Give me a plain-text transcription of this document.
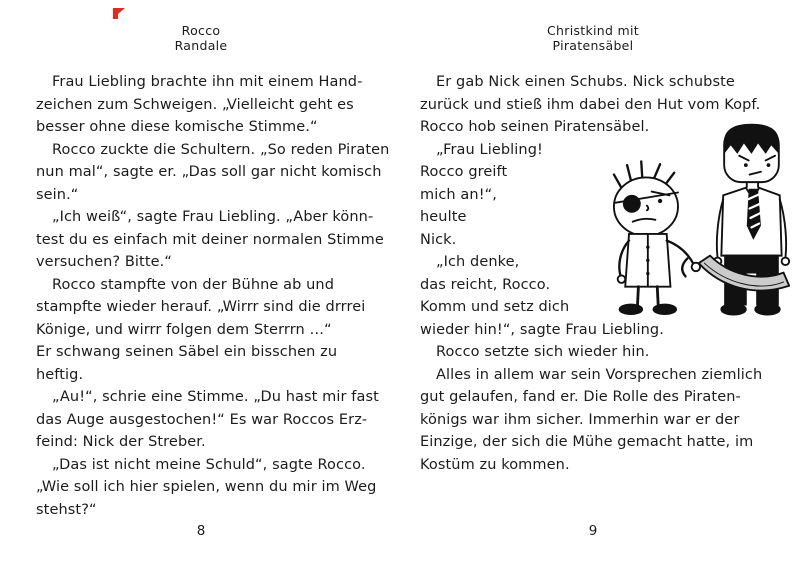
Rocco
Randale
Christkind mit
Piratensäbel
Frau Liebling brachte ihn mit einem Hand-
zeichen zum Schweigen. „Vielleicht geht es
besser ohne diese komische Stimme.“
Rocco zuckte die Schultern. „So reden Piraten
nun mal“, sagte er. „Das soll gar nicht komisch
sein.“
„Ich weiß“, sagte Frau Liebling. „Aber könn-
test du es einfach mit deiner normalen Stimme
versuchen? Bitte.“
Rocco stampfte von der Bühne ab und
stampfte wieder herauf. „Wirrr sind die drrrei
Könige, und wirrr folgen dem Sterrrn …“
Er schwang seinen Säbel ein bisschen zu
heftig.
„Au!“, schrie eine Stimme. „Du hast mir fast
das Auge ausgestochen!“ Es war Roccos Erz-
feind: Nick der Streber.
„Das ist nicht meine Schuld“, sagte Rocco.
„Wie soll ich hier spielen, wenn du mir im Weg
stehst?“
Er gab Nick einen Schubs. Nick schubste
zurück und stieß ihm dabei den Hut vom Kopf.
Rocco hob seinen Piratensäbel.
„Frau Liebling!
Rocco greift
mich an!“,
heulte
Nick.
„Ich denke,
das reicht, Rocco.
Komm und setz dich
wieder hin!“, sagte Frau Liebling.
Rocco setzte sich wieder hin.
Alles in allem war sein Vorsprechen ziemlich
gut gelaufen, fand er. Die Rolle des Piraten-
königs war ihm sicher. Immerhin war er der
Einzige, der sich die Mühe gemacht hatte, im
Kostüm zu kommen.
8	9
